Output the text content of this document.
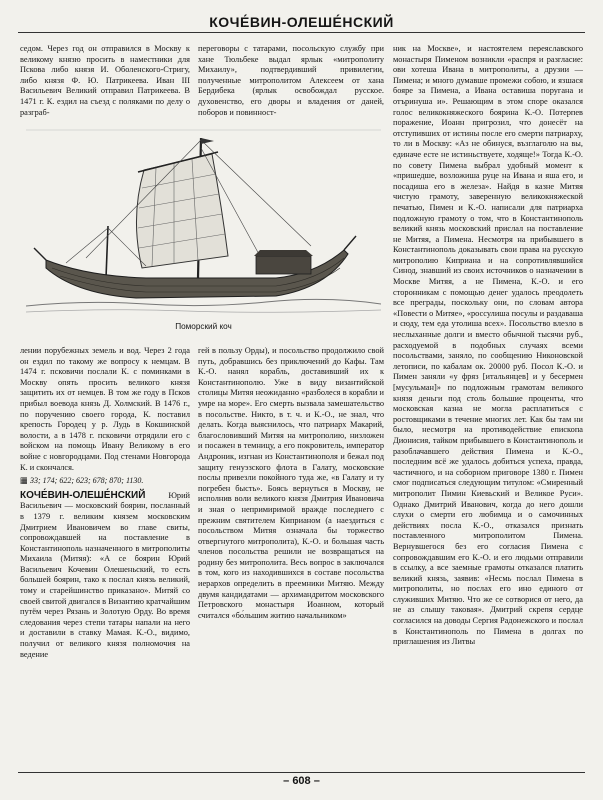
КОЧЕ́ВИН-ОЛЕШЕ́НСКИЙ

седом. Через год он отправился в Москву к великому князю просить в наместники для Пскова либо князя И. Оболенского-Стригу, либо князя Ф. Ю. Патрикеева. Иван III Васильевич Великий отправил Патрикеева. В 1471 г. К. ездил на съезд с поляками по делу о разграб-

переговоры с татарами, посольскую службу при хане Тюльбеке выдал ярлык «митрополиту Михаилу», подтвердивший привилегии, полученные митрополитом Алексеем от хана Бердибека (ярлык освобождал русское. духовенство, его дворы и владения от даней, поборов и повинност-

ник на Москве», и настоятелем переяславского монастыря Пименом возникли «распря и разгласие: ови хотеша Ивана в митрополиты, а друзии — Пимена; и много думавше промежи собою, и язшася бояре за Пимена, а Ивана оставиша поругана и отъринуша и». Решающим в этом споре оказался голос великокняжеского боярина К.-О. Потерпев поражение, Иоанн пригрозил, что донесёт на отступивших от истины после его смерти патриарху, то ли в Москву: «Аз не обинуся, възглаголю на вы, единаче есте не истиньствуете, ходяще!» Тогда К.-О. по совету Пимена выбрал удобный момент к «пришедше, возложиша руце на Ивана и яша его, и посадиша его в железа». Найдя в казне Митяя чистую грамоту, заверенную великокняжеской печатью, Пимен и К.-О. написали для патриарха подложную грамоту о том, что в Константинополь великий князь московский прислал на поставление не Митяя, а Пимена. Несмотря на прибывшего в Константинополь доказывать свои права на русскую митрополию Киприана и на сопротивлявшийся Синод, знавший из своих источников о назначении в Москве Митяя, а не Пимена, К.-О. и его сторонникам с помощью денег удалось преодолеть все преграды, поскольку они, по словам автора «Повести о Митяе», «россулиша посулы и раздаваша и сюду, тем еда утолиша всех». Посольство влезло в неслыханные долги и вместо обычной тысячи руб., расходуемой в подобных случаях всеми посольствами, заняло, по сообщению Никоновской летописи, по кабалам ок. 20000 руб. Посол К.-О. и Пимен заняли «у фряз [итальянцев] и у бесермен [мусульман]» по подложным грамотам великого князя деньги под столь большие проценты, что московская казна не могла расплатиться с ростовщиками в течение многих лет. Как бы там ни было, несмотря на противодействие епископа Дионисия, тайком прибывшего в Константинополь и разоблачавшего действия Пимена и К.-О., последним всё же удалось добиться успеха, правда, частичного, и на соборном приговоре 1380 г. Пимен смог подписаться следующим титулом: «Смиренный митрополит Пимин Киевьский и Великое Руси». Однако Дмитрий Иванович, когда до него дошли слухи о смерти его любимца и о самочинных действиях посла К.-О., отказался признать поставленного митрополитом Пимена. Вернувшегося без его согласия Пимена с сопровождавшим его К.-О. и его людьми отправили в ссылку, а все заемные грамоты отказался платить великий князь, заявив: «Несмь послал Пимена в митрополиты, но послах его ино единого от служивших Митяю. Что же се сотворися от него, да не аз слышу таковая». Дмитрий скрепя сердце согласился на доводы Сергия Радонежского и послал в Константинополь по Пимена в долгах по приглашения из Литвы

Поморский коч

лении порубежных земель и вод. Через 2 года он ездил по такому же вопросу к немцам. В 1474 г. псковичи послали К. с поминками в Москву опять просить великого князя защитить их от немцев. В том же году в Псков прибыл воевода князь Д. Холмский. В 1476 г., по поручению своего города, К. поставил крепость Городец у р. Лудь в Кокшинской волости, а в 1478 г. псковичи отрядили его с войском на помощь Ивану Великому в его войне с новгородцами. Под стенами Новгорода К. и скончался.

▦ 33; 174; 622; 623; 678; 870; 1130.

КОЧЕ́ВИН-ОЛЕШЕ́НСКИЙ Юрий Васильевич — московский боярин, посланный в 1379 г. великим князем московским Дмитрием Ивановичем во главе свиты, сопровождавшей на поставление в Константинополь назначенного в митрополиты Михаила (Митяя): «А се боярин Юрий Васильевич Кочевин Олешеньский, то есть большей боярин, тако к послал князь великий, тому и старейшинство приказано». Митяй со своей свитой двигался в Византию кратчайшим путём через Рязань и Золотую Орду. Во время следования через степи татары напали на него и доставили в ставку Мамая. К.-О., видимо, получил от великого князя полномочия на ведение

гей в пользу Орды), и посольство продолжило свой путь, добравшись без приключений до Кафы. Там К.-О. нанял корабль, доставивший их к Константинополю. Уже в виду византийской столицы Митяя неожиданно «разболеся в корабли и умре на море». Его смерть вызвала замешательство в посольстве. Никто, в т. ч. и К.-О., не знал, что делать. Когда выяснилось, что патриарх Макарий, благословивший Митяя на митрополию, низложен и посажен в темницу, а его покровитель, император Андроник, изгнан из Константинополя и бежал под защиту генуэзского флота в Галату, московские послы привезли покойного туда же, «в Галату и ту погребен бысть». Боясь вернуться в Москву, не исполнив воли великого князя Дмитрия Ивановича и зная о непримиримой вражде последнего с прежним святителем Киприаном (а наездиться с посольством Митяя означала бы торжество отвергнутого митрополита), К.-О. и большая часть членов посольства решили не возвращаться на родину без митрополита. Весь вопрос в заключался в том, кого из находившихся в составе посольства иерархов определить в преемники Митяю. Между двумя кандидатами — архимандритом московского Петровского монастыря Иоанном, который считался «бо́льшим житию начальником»

– 608 –
